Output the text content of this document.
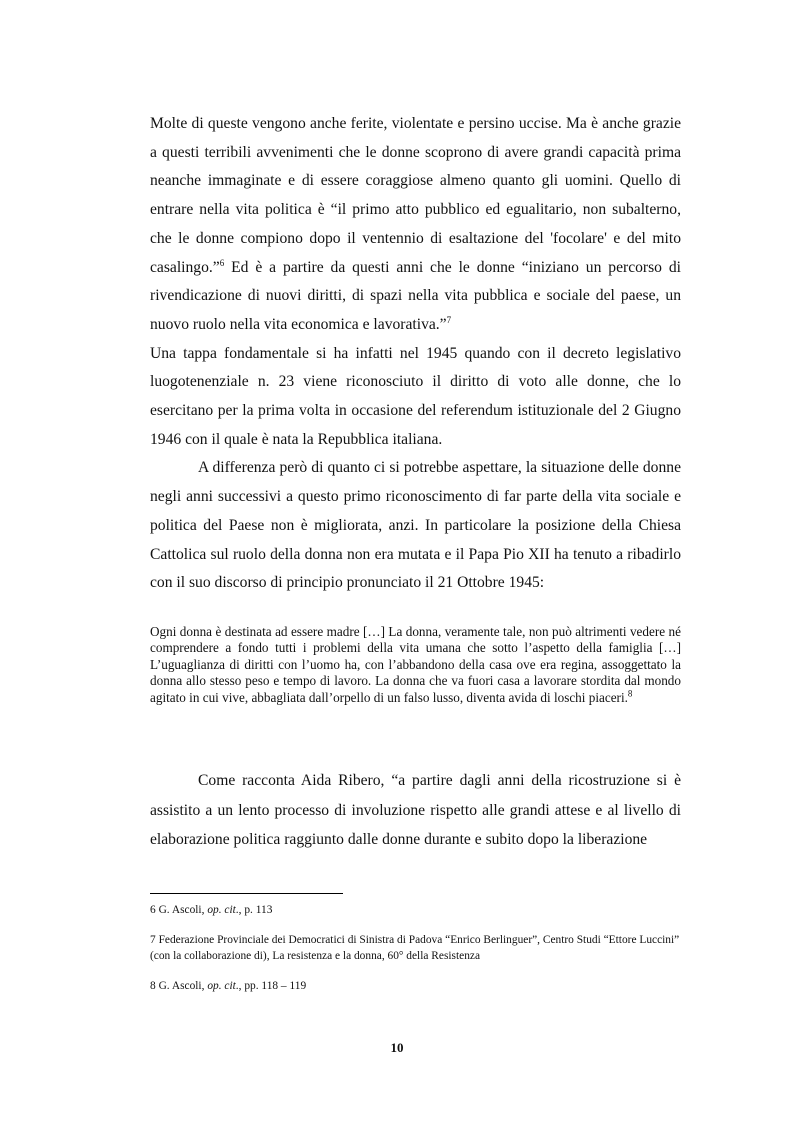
Molte di queste vengono anche ferite, violentate e persino uccise. Ma è anche grazie a questi terribili avvenimenti che le donne scoprono di avere grandi capacità prima neanche immaginate e di essere coraggiose almeno quanto gli uomini. Quello di entrare nella vita politica è “il primo atto pubblico ed egualitario, non subalterno, che le donne compiono dopo il ventennio di esaltazione del 'focolare' e del mito casalingo.”$^6$ Ed è a partire da questi anni che le donne “iniziano un percorso di rivendicazione di nuovi diritti, di spazi nella vita pubblica e sociale del paese, un nuovo ruolo nella vita economica e lavorativa.”$^7$

Una tappa fondamentale si ha infatti nel 1945 quando con il decreto legislativo luogotenenziale n. 23 viene riconosciuto il diritto di voto alle donne, che lo esercitano per la prima volta in occasione del referendum istituzionale del 2 Giugno 1946 con il quale è nata la Repubblica italiana.

A differenza però di quanto ci si potrebbe aspettare, la situazione delle donne negli anni successivi a questo primo riconoscimento di far parte della vita sociale e politica del Paese non è migliorata, anzi. In particolare la posizione della Chiesa Cattolica sul ruolo della donna non era mutata e il Papa Pio XII ha tenuto a ribadirlo con il suo discorso di principio pronunciato il 21 Ottobre 1945:

Ogni donna è destinata ad essere madre […] La donna, veramente tale, non può altrimenti vedere né comprendere a fondo tutti i problemi della vita umana che sotto l’aspetto della famiglia […] L’uguaglianza di diritti con l’uomo ha, con l’abbandono della casa ove era regina, assoggettato la donna allo stesso peso e tempo di lavoro. La donna che va fuori casa a lavorare stordita dal mondo agitato in cui vive, abbagliata dall’orpello di un falso lusso, diventa avida di loschi piaceri.$^8$
Come racconta Aida Ribero, “a partire dagli anni della ricostruzione si è assistito a un lento processo di involuzione rispetto alle grandi attese e al livello di elaborazione politica raggiunto dalle donne durante e subito dopo la liberazione
6 G. Ascoli, op. cit., p. 113
7 Federazione Provinciale dei Democratici di Sinistra di Padova “Enrico Berlinguer”, Centro Studi “Ettore Luccini” (con la collaborazione di), La resistenza e la donna, 60° della Resistenza
8 G. Ascoli, op. cit., pp. 118 – 119
10
